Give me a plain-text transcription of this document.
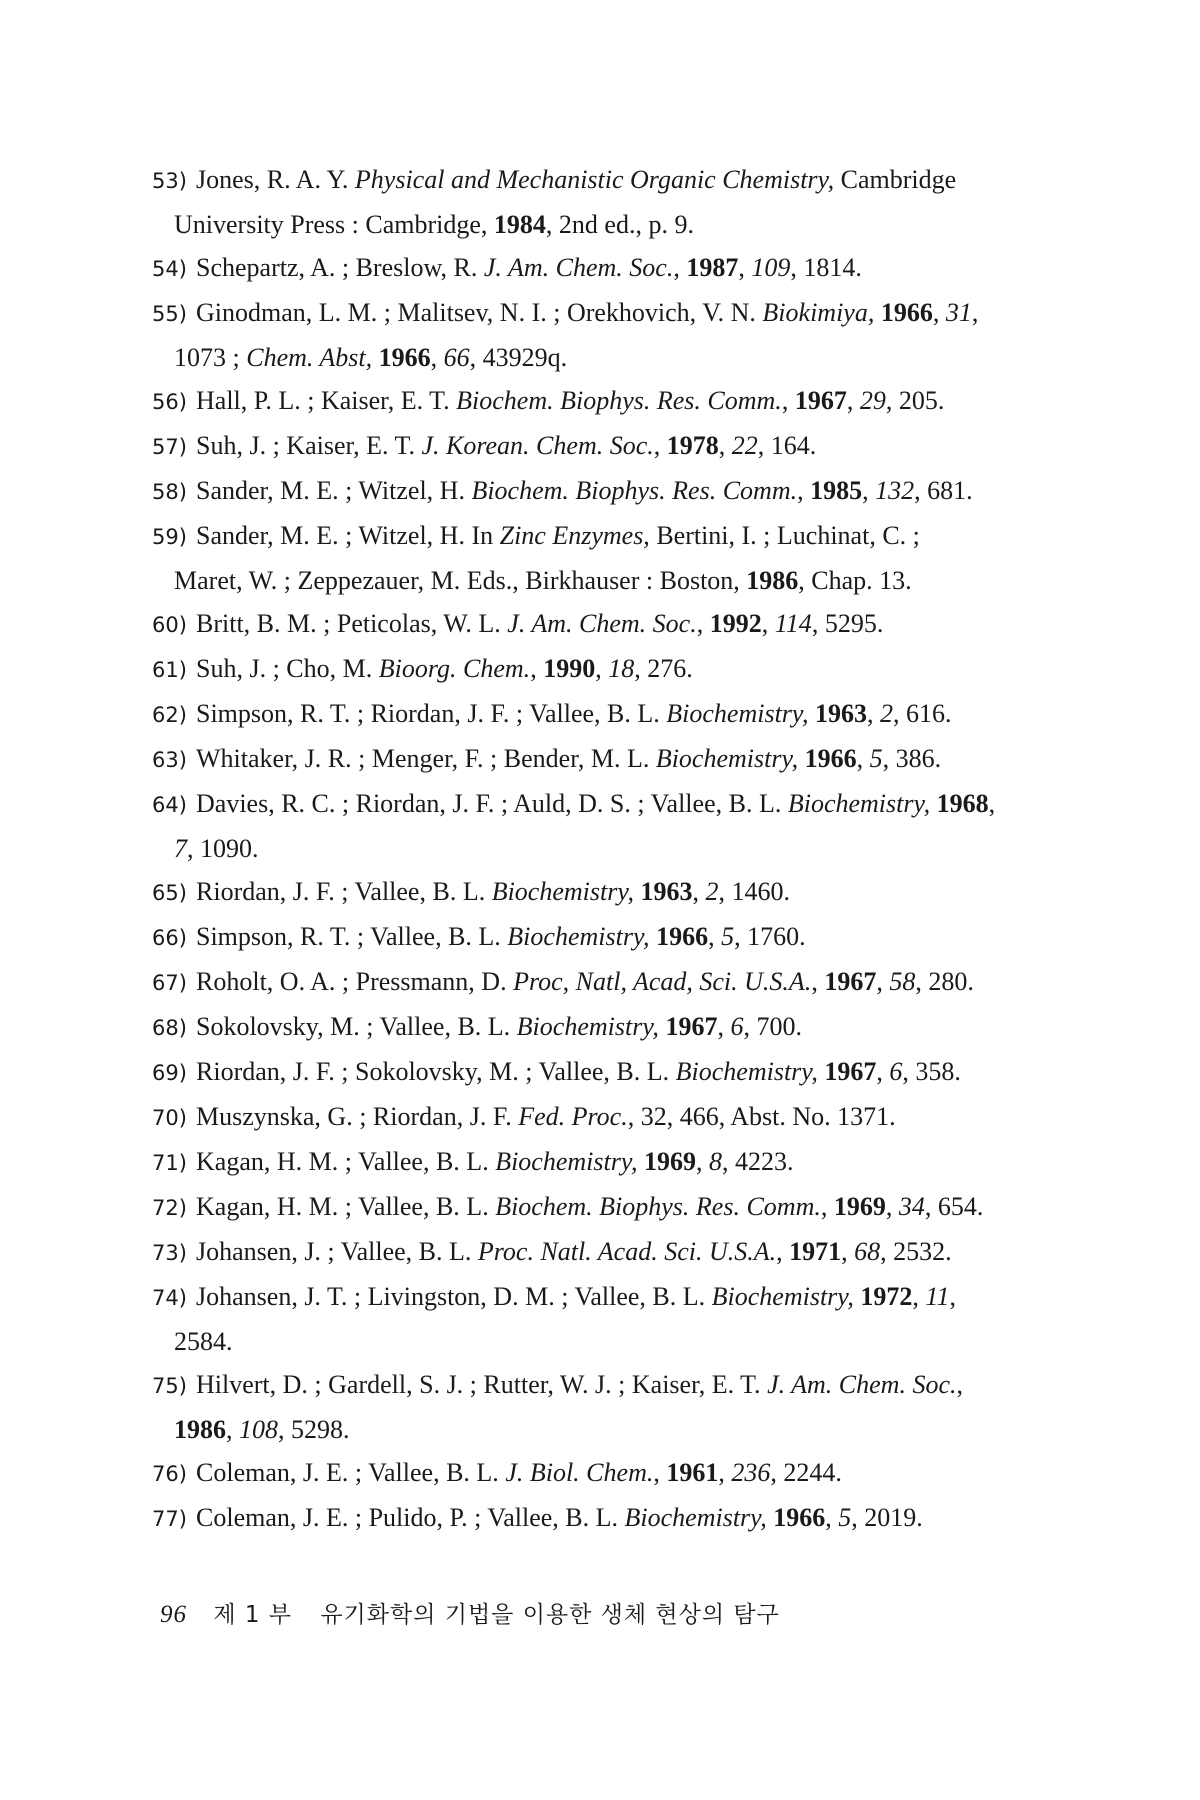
53) Jones, R. A. Y. Physical and Mechanistic Organic Chemistry, Cambridge
University Press : Cambridge, 1984, 2nd ed., p. 9.
54) Schepartz, A. ; Breslow, R. J. Am. Chem. Soc., 1987, 109, 1814.
55) Ginodman, L. M. ; Malitsev, N. I. ; Orekhovich, V. N. Biokimiya, 1966, 31,
1073 ; Chem. Abst, 1966, 66, 43929q.
56) Hall, P. L. ; Kaiser, E. T. Biochem. Biophys. Res. Comm., 1967, 29, 205.
57) Suh, J. ; Kaiser, E. T. J. Korean. Chem. Soc., 1978, 22, 164.
58) Sander, M. E. ; Witzel, H. Biochem. Biophys. Res. Comm., 1985, 132, 681.
59) Sander, M. E. ; Witzel, H. In Zinc Enzymes, Bertini, I. ; Luchinat, C. ;
Maret, W. ; Zeppezauer, M. Eds., Birkhauser : Boston, 1986, Chap. 13.
60) Britt, B. M. ; Peticolas, W. L. J. Am. Chem. Soc., 1992, 114, 5295.
61) Suh, J. ; Cho, M. Bioorg. Chem., 1990, 18, 276.
62) Simpson, R. T. ; Riordan, J. F. ; Vallee, B. L. Biochemistry, 1963, 2, 616.
63) Whitaker, J. R. ; Menger, F. ; Bender, M. L. Biochemistry, 1966, 5, 386.
64) Davies, R. C. ; Riordan, J. F. ; Auld, D. S. ; Vallee, B. L. Biochemistry, 1968,
7, 1090.
65) Riordan, J. F. ; Vallee, B. L. Biochemistry, 1963, 2, 1460.
66) Simpson, R. T. ; Vallee, B. L. Biochemistry, 1966, 5, 1760.
67) Roholt, O. A. ; Pressmann, D. Proc, Natl, Acad, Sci. U.S.A., 1967, 58, 280.
68) Sokolovsky, M. ; Vallee, B. L. Biochemistry, 1967, 6, 700.
69) Riordan, J. F. ; Sokolovsky, M. ; Vallee, B. L. Biochemistry, 1967, 6, 358.
70) Muszynska, G. ; Riordan, J. F. Fed. Proc., 32, 466, Abst. No. 1371.
71) Kagan, H. M. ; Vallee, B. L. Biochemistry, 1969, 8, 4223.
72) Kagan, H. M. ; Vallee, B. L. Biochem. Biophys. Res. Comm., 1969, 34, 654.
73) Johansen, J. ; Vallee, B. L. Proc. Natl. Acad. Sci. U.S.A., 1971, 68, 2532.
74) Johansen, J. T. ; Livingston, D. M. ; Vallee, B. L. Biochemistry, 1972, 11,
2584.
75) Hilvert, D. ; Gardell, S. J. ; Rutter, W. J. ; Kaiser, E. T. J. Am. Chem. Soc.,
1986, 108, 5298.
76) Coleman, J. E. ; Vallee, B. L. J. Biol. Chem., 1961, 236, 2244.
77) Coleman, J. E. ; Pulido, P. ; Vallee, B. L. Biochemistry, 1966, 5, 2019.
96 제 1 부 유기화학의 기법을 이용한 생체 현상의 탐구
